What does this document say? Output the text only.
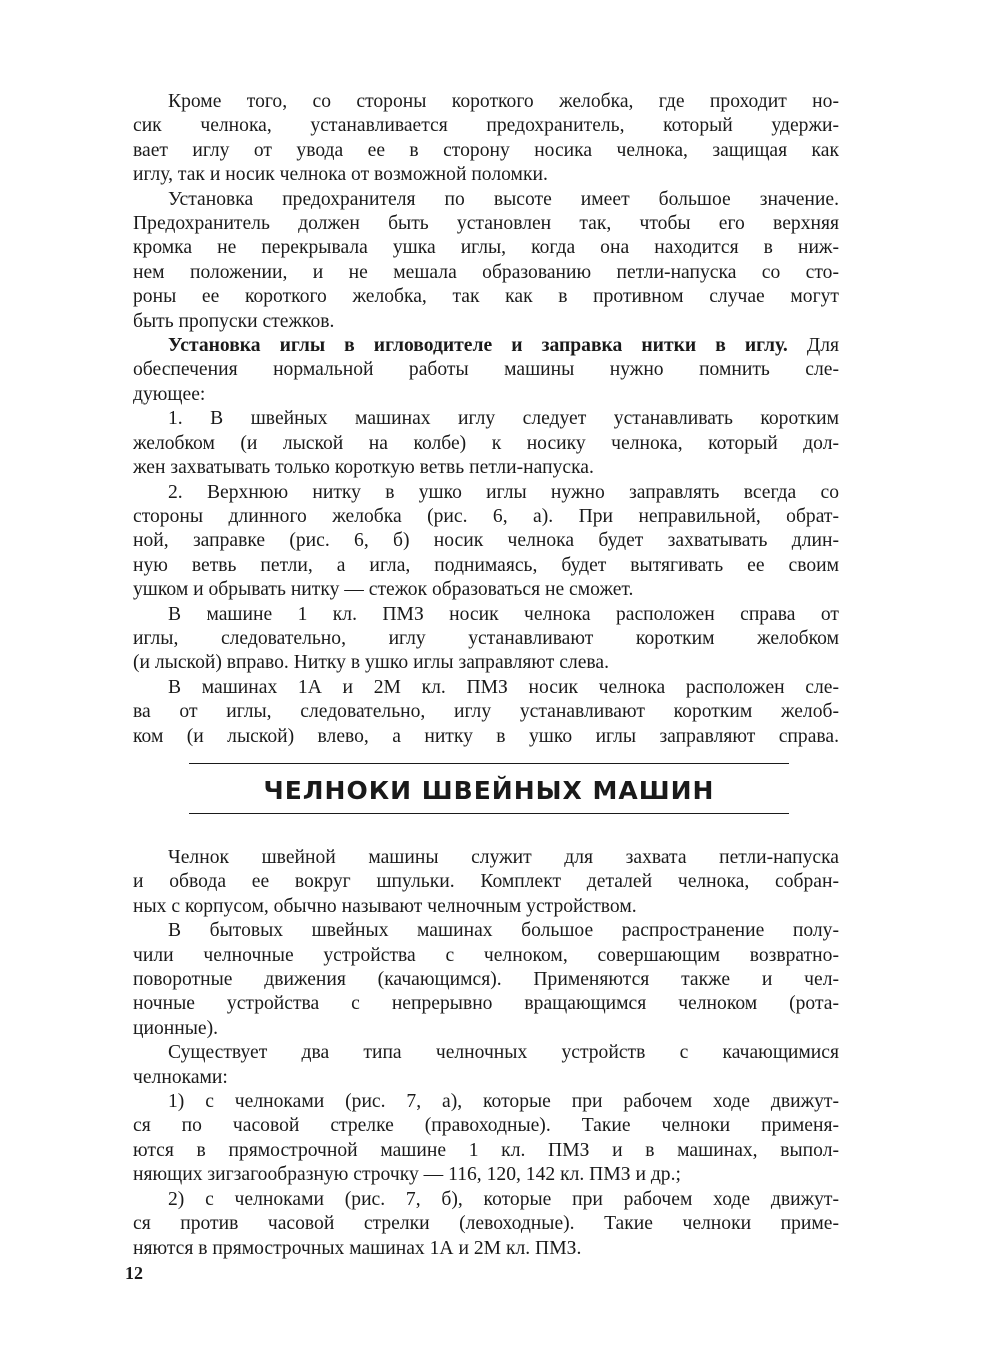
Кроме того, со стороны короткого желобка, где проходит но-
сик челнока, устанавливается предохранитель, который удержи-
вает иглу от увода ее в сторону носика челнока, защищая как
иглу, так и носик челнока от возможной поломки.

Установка предохранителя по высоте имеет большое значение.
Предохранитель должен быть установлен так, чтобы его верхняя
кромка не перекрывала ушка иглы, когда она находится в ниж-
нем положении, и не мешала образованию петли-напуска со сто-
роны ее короткого желобка, так как в противном случае могут
быть пропуски стежков.

Установка иглы в игловодителе и заправка нитки в иглу. Для
обеспечения нормальной работы машины нужно помнить сле-
дующее:

1. В швейных машинах иглу следует устанавливать коротким
желобком (и лыской на колбе) к носику челнока, который дол-
жен захватывать только короткую ветвь петли-напуска.

2. Верхнюю нитку в ушко иглы нужно заправлять всегда со
стороны длинного желобка (рис. 6, а). При неправильной, обрат-
ной, заправке (рис. 6, б) носик челнока будет захватывать длин-
ную ветвь петли, а игла, поднимаясь, будет вытягивать ее своим
ушком и обрывать нитку — стежок образоваться не сможет.

В машине 1 кл. ПМЗ носик челнока расположен справа от
иглы, следовательно, иглу устанавливают коротким желобком
(и лыской) вправо. Нитку в ушко иглы заправляют слева.

В машинах 1А и 2М кл. ПМЗ носик челнока расположен сле-
ва от иглы, следовательно, иглу устанавливают коротким желоб-
ком (и лыской) влево, а нитку в ушко иглы заправляют справа.

ЧЕЛНОКИ ШВЕЙНЫХ МАШИН

Челнок швейной машины служит для захвата петли-напуска
и обвода ее вокруг шпульки. Комплект деталей челнока, собран-
ных с корпусом, обычно называют челночным устройством.

В бытовых швейных машинах большое распространение полу-
чили челночные устройства с челноком, совершающим возвратно-
поворотные движения (качающимся). Применяются также и чел-
ночные устройства с непрерывно вращающимся челноком (рота-
ционные).

Существует два типа челночных устройств с качающимися
челноками:

1) с челноками (рис. 7, а), которые при рабочем ходе движут-
ся по часовой стрелке (правоходные). Такие челноки применя-
ются в прямострочной машине 1 кл. ПМЗ и в машинах, выпол-
няющих зигзагообразную строчку — 116, 120, 142 кл. ПМЗ и др.;

2) с челноками (рис. 7, б), которые при рабочем ходе движут-
ся против часовой стрелки (левоходные). Такие челноки приме-
няются в прямострочных машинах 1А и 2М кл. ПМЗ.

12
